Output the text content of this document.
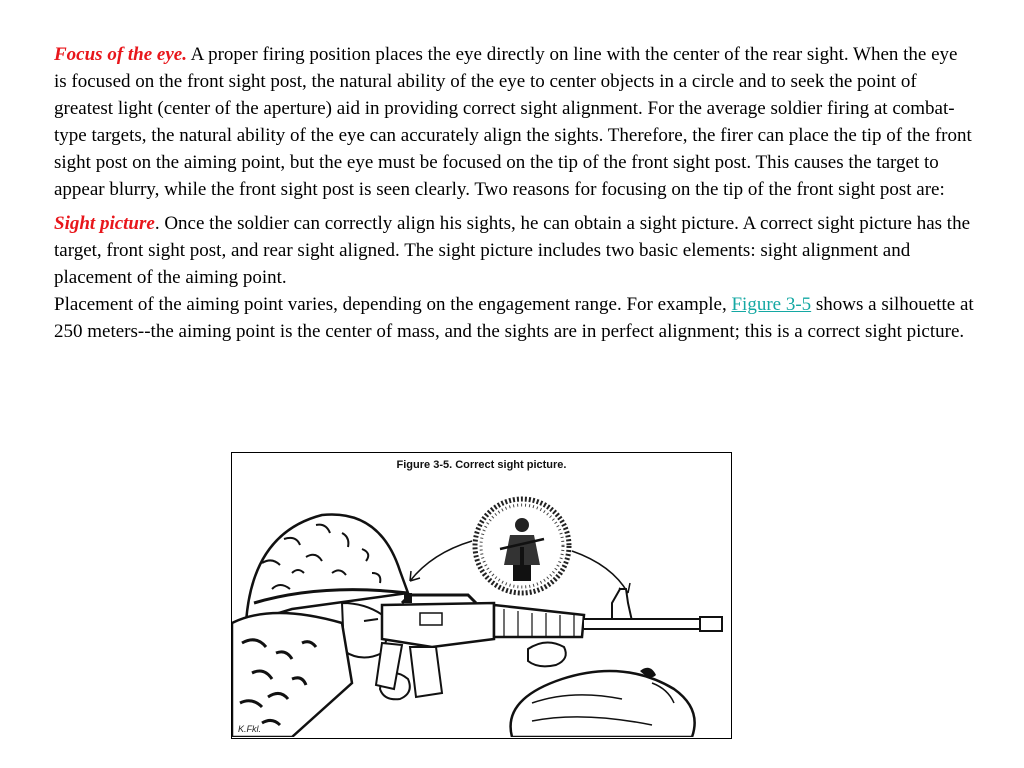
Focus of the eye. A proper firing position places the eye directly on line with the center of the rear sight. When the eye is focused on the front sight post, the natural ability of the eye to center objects in a circle and to seek the point of greatest light (center of the aperture) aid in providing correct sight alignment. For the average soldier firing at combat-type targets, the natural ability of the eye can accurately align the sights. Therefore, the firer can place the tip of the front sight post on the aiming point, but the eye must be focused on the tip of the front sight post. This causes the target to appear blurry, while the front sight post is seen clearly. Two reasons for focusing on the tip of the front sight post are:

Sight picture. Once the soldier can correctly align his sights, he can obtain a sight picture. A correct sight picture has the target, front sight post, and rear sight aligned. The sight picture includes two basic elements: sight alignment and placement of the aiming point.

Placement of the aiming point varies, depending on the engagement range. For example, Figure 3-5 shows a silhouette at 250 meters--the aiming point is the center of mass, and the sights are in perfect alignment; this is a correct sight picture.

Figure 3-5. Correct sight picture.
K.Fkl.
